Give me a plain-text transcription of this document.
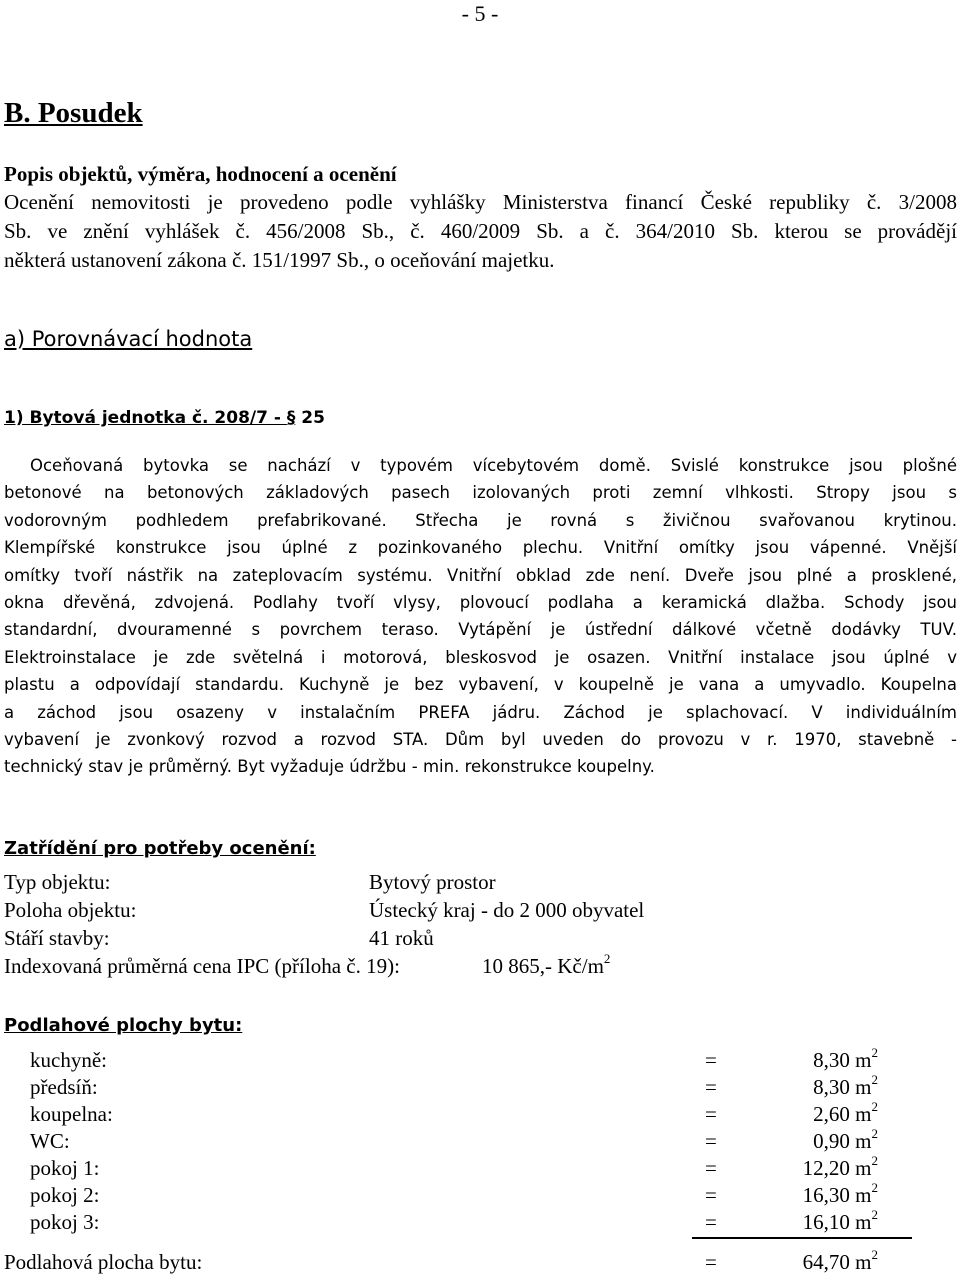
- 5 -
B. Posudek
Popis objektů, výměra, hodnocení a ocenění
Ocenění nemovitosti je provedeno podle vyhlášky Ministerstva financí České republiky č. 3/2008
Sb. ve znění vyhlášek č. 456/2008 Sb., č. 460/2009 Sb. a č. 364/2010 Sb. kterou se provádějí
některá ustanovení zákona č. 151/1997 Sb., o oceňování majetku.
a) Porovnávací hodnota
1) Bytová jednotka č. 208/7 - § 25
Oceňovaná bytovka se nachází v typovém vícebytovém domě. Svislé konstrukce jsou plošné
betonové na betonových základových pasech izolovaných proti zemní vlhkosti. Stropy jsou s
vodorovným podhledem prefabrikované. Střecha je rovná s živičnou svařovanou krytinou.
Klempířské konstrukce jsou úplné z pozinkovaného plechu. Vnitřní omítky jsou vápenné. Vnější
omítky tvoří nástřik na zateplovacím systému. Vnitřní obklad zde není. Dveře jsou plné a prosklené,
okna dřevěná, zdvojená. Podlahy tvoří vlysy, plovoucí podlaha a keramická dlažba. Schody jsou
standardní, dvouramenné s povrchem teraso. Vytápění je ústřední dálkové včetně dodávky TUV.
Elektroinstalace je zde světelná i motorová, bleskosvod je osazen. Vnitřní instalace jsou úplné v
plastu a odpovídají standardu. Kuchyně je bez vybavení, v koupelně je vana a umyvadlo. Koupelna
a záchod jsou osazeny v instalačním PREFA jádru. Záchod je splachovací. V individuálním
vybavení je zvonkový rozvod a rozvod STA. Dům byl uveden do provozu v r. 1970, stavebně -
technický stav je průměrný. Byt vyžaduje údržbu - min. rekonstrukce koupelny.
Zatřídění pro potřeby ocenění:
Typ objektu:	Bytový prostor
Poloha objektu:	Ústecký kraj - do 2 000 obyvatel
Stáří stavby:	41 roků
Indexovaná průměrná cena IPC (příloha č. 19):	10 865,- $Kč/m^2$
Podlahové plochy bytu:
kuchyně:	=	8,30 $m^2$
předsíň:	=	8,30 $m^2$
koupelna:	=	2,60 $m^2$
WC:	=	0,90 $m^2$
pokoj 1:	=	12,20 $m^2$
pokoj 2:	=	16,30 $m^2$
pokoj 3:	=	16,10 $m^2$
Podlahová plocha bytu:	=	64,70 $m^2$
